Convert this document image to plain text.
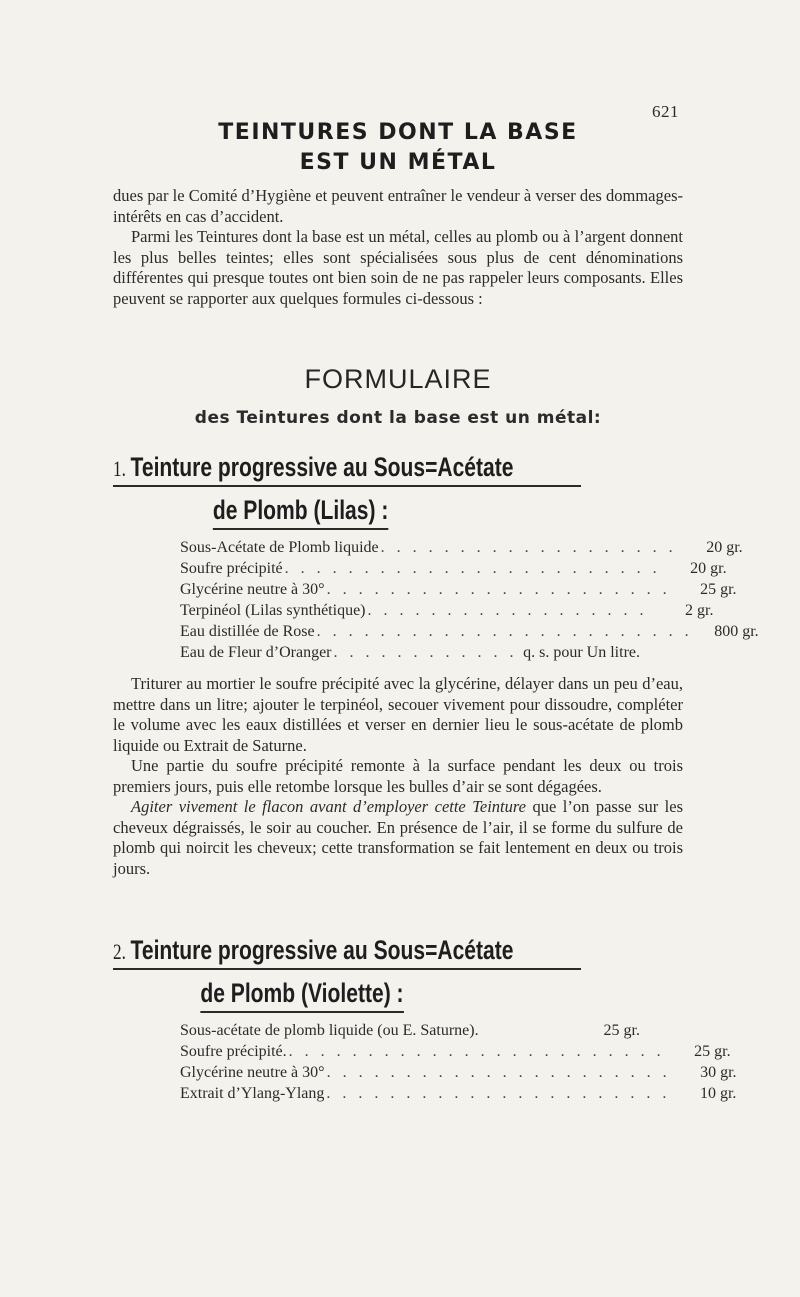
621
TEINTURES DONT LA BASE
EST UN MÉTAL

dues par le Comité d’Hygiène et peuvent entraîner le vendeur à verser des dommages-intérêts en cas d’accident.

Parmi les Teintures dont la base est un métal, celles au plomb ou à l’argent donnent les plus belles teintes; elles sont spécialisées sous plus de cent dénominations différentes qui presque toutes ont bien soin de ne pas rappeler leurs composants. Elles peuvent se rapporter aux quelques formules ci-dessous :

FORMULAIRE
des Teintures dont la base est un métal:
1. Teinture progressive au Sous=Acétate
de Plomb (Lilas) :
Sous-Acétate de Plomb liquide . . . . . . . . . . . . . . . . . . .	20 gr.
Soufre précipité . . . . . . . . . . . . . . . . . . . . . . . .	20 gr.
Glycérine neutre à 30° . . . . . . . . . . . . . . . . . . . . . .	25 gr.
Terpinéol (Lilas synthétique) . . . . . . . . . . . . . . . . . .	2 gr.
Eau distillée de Rose . . . . . . . . . . . . . . . . . . . . . . . .	800 gr.
Eau de Fleur d’Oranger . . . . . . . . . . . . q. s. pour Un litre.

Triturer au mortier le soufre précipité avec la glycérine, délayer dans un peu d’eau, mettre dans un litre; ajouter le terpinéol, secouer vivement pour dissoudre, compléter le volume avec les eaux distillées et verser en dernier lieu le sous-acétate de plomb liquide ou Extrait de Saturne.

Une partie du soufre précipité remonte à la surface pendant les deux ou trois premiers jours, puis elle retombe lorsque les bulles d’air se sont dégagées.

Agiter vivement le flacon avant d’employer cette Teinture que l’on passe sur les cheveux dégraissés, le soir au coucher. En présence de l’air, il se forme du sulfure de plomb qui noircit les cheveux; cette transformation se fait lentement en deux ou trois jours.

2. Teinture progressive au Sous=Acétate
de Plomb (Violette) :
Sous-acétate de plomb liquide (ou E. Saturne).	25 gr.
Soufre précipité. . . . . . . . . . . . . . . . . . . . . . . . .	25 gr.
Glycérine neutre à 30° . . . . . . . . . . . . . . . . . . . . . .	30 gr.
Extrait d’Ylang-Ylang . . . . . . . . . . . . . . . . . . . . . .	10 gr.
